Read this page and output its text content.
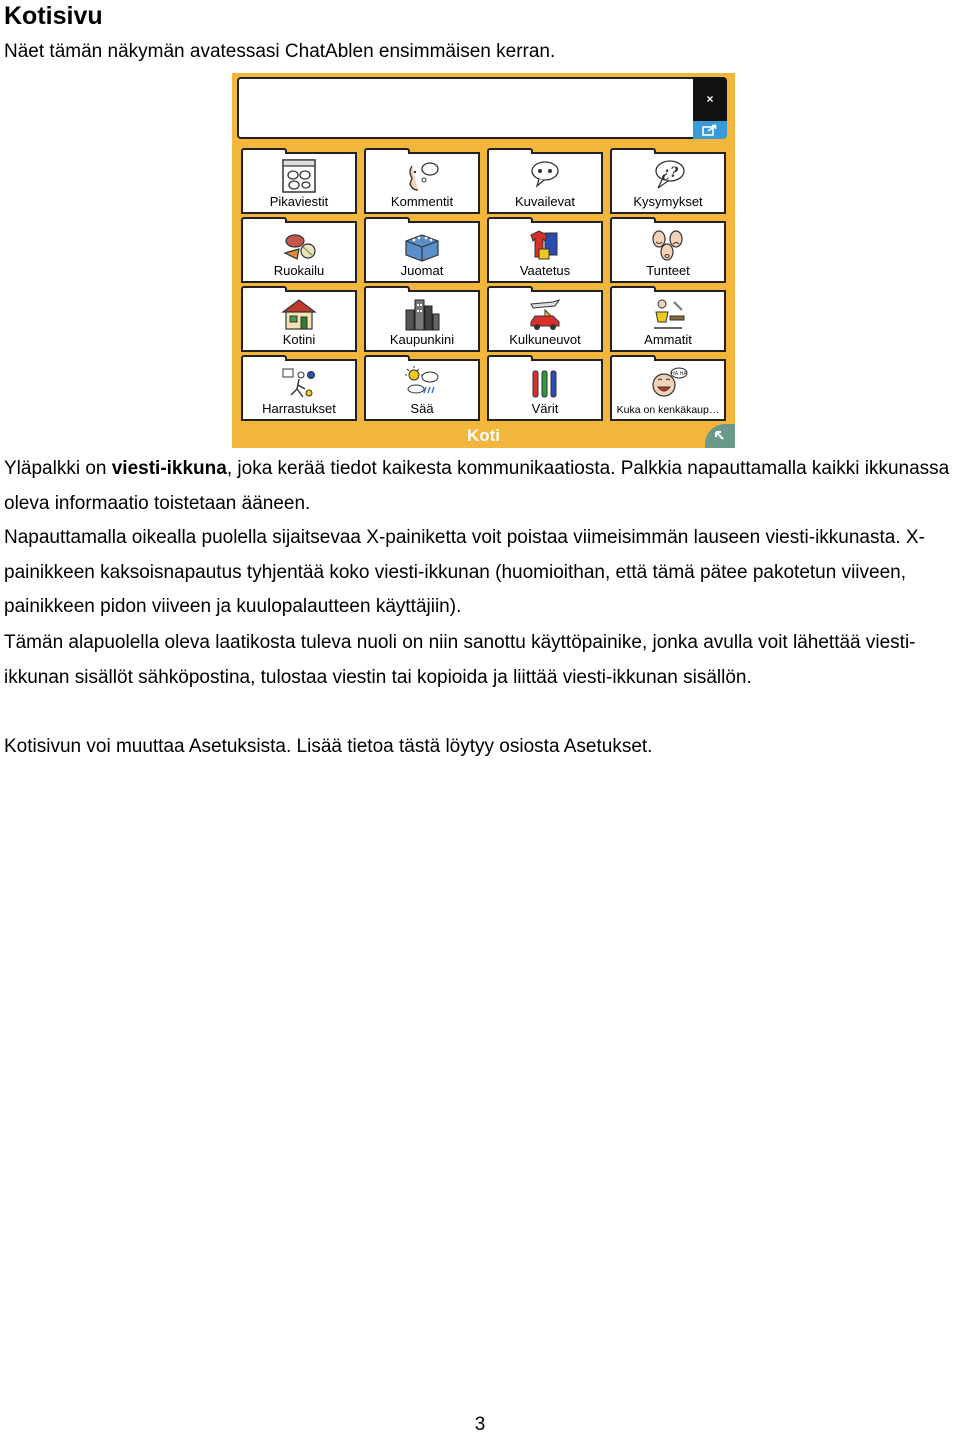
Kotisivu

Näet tämän näkymän avatessasi ChatAblen ensimmäisen kerran.

×
Pikaviestit	Kommentit	Kuvailevat
¿?
Kysymykset
Ruokailu	Juomat	Vaatetus	Tunteet
Kotini	Kaupunkini	Kulkuneuvot	Ammatit
Harrastukset	Sää	Värit
HA HA
Kuka on kenkäkaup…
Koti

Yläpalkki on viesti-ikkuna, joka kerää tiedot kaikesta kommunikaatiosta. Palkkia napauttamalla kaikki ikkunassa oleva informaatio toistetaan ääneen.

Napauttamalla oikealla puolella sijaitsevaa X-painiketta voit poistaa viimeisimmän lauseen viesti-ikkunasta. X-painikkeen kaksoisnapautus tyhjentää koko viesti-ikkunan (huomioithan, että tämä pätee pakotetun viiveen, painikkeen pidon viiveen ja kuulopalautteen käyttäjiin).

Tämän alapuolella oleva laatikosta tuleva nuoli on niin sanottu käyttöpainike, jonka avulla voit lähettää viesti-ikkunan sisällöt sähköpostina, tulostaa viestin tai kopioida ja liittää viesti-ikkunan sisällön.

Kotisivun voi muuttaa Asetuksista. Lisää tietoa tästä löytyy osiosta Asetukset.

3
